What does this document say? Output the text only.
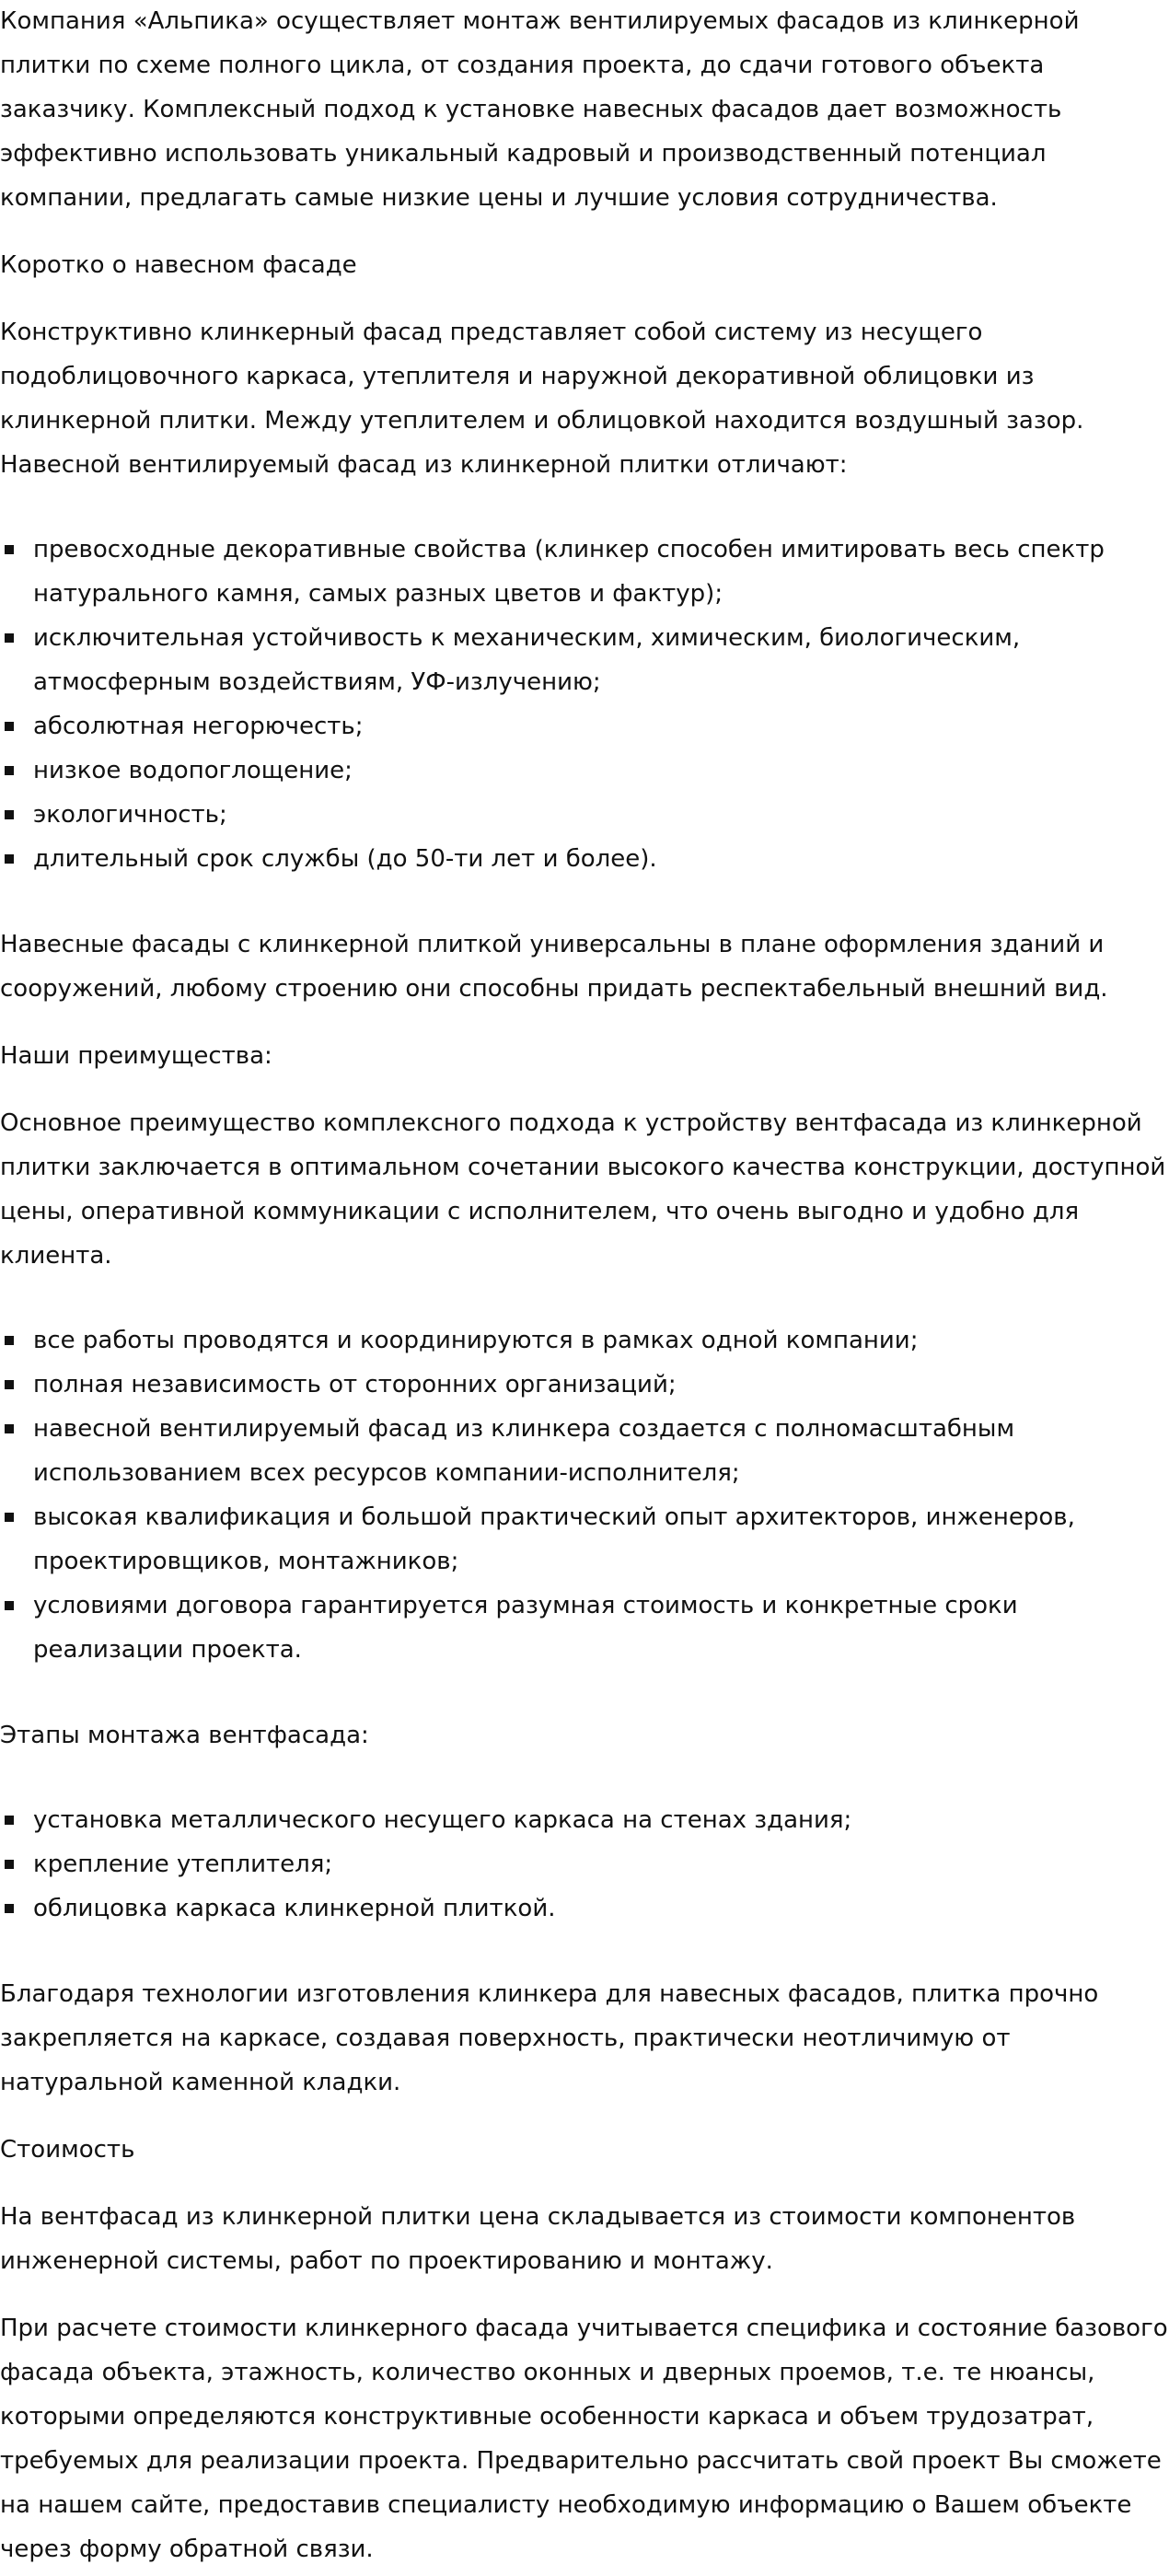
Компания «Альпика» осуществляет монтаж вентилируемых фасадов из клинкерной плитки по схеме полного цикла, от создания проекта, до сдачи готового объекта заказчику. Комплексный подход к установке навесных фасадов дает возможность эффективно использовать уникальный кадровый и производственный потенциал компании, предлагать самые низкие цены и лучшие условия сотрудничества.

Коротко о навесном фасаде

Конструктивно клинкерный фасад представляет собой систему из несущего подоблицовочного каркаса, утеплителя и наружной декоративной облицовки из клинкерной плитки. Между утеплителем и облицовкой находится воздушный зазор. Навесной вентилируемый фасад из клинкерной плитки отличают:

превосходные декоративные свойства (клинкер способен имитировать весь спектр натурального камня, самых разных цветов и фактур);
исключительная устойчивость к механическим, химическим, биологическим, атмосферным воздействиям, УФ-излучению;
абсолютная негорючесть;
низкое водопоглощение;
экологичность;
длительный срок службы (до 50-ти лет и более).

Навесные фасады с клинкерной плиткой универсальны в плане оформления зданий и сооружений, любому строению они способны придать респектабельный внешний вид.

Наши преимущества:

Основное преимущество комплексного подхода к устройству вентфасада из клинкерной плитки заключается в оптимальном сочетании высокого качества конструкции, доступной цены, оперативной коммуникации с исполнителем, что очень выгодно и удобно для клиента.

все работы проводятся и координируются в рамках одной компании;
полная независимость от сторонних организаций;
навесной вентилируемый фасад из клинкера создается с полномасштабным использованием всех ресурсов компании-исполнителя;
высокая квалификация и большой практический опыт архитекторов, инженеров, проектировщиков, монтажников;
условиями договора гарантируется разумная стоимость и конкретные сроки реализации проекта.

Этапы монтажа вентфасада:

установка металлического несущего каркаса на стенах здания;
крепление утеплителя;
облицовка каркаса клинкерной плиткой.

Благодаря технологии изготовления клинкера для навесных фасадов, плитка прочно закрепляется на каркасе, создавая поверхность, практически неотличимую от натуральной каменной кладки.

Стоимость

На вентфасад из клинкерной плитки цена складывается из стоимости компонентов инженерной системы, работ по проектированию и монтажу.

При расчете стоимости клинкерного фасада учитывается специфика и состояние базового фасада объекта, этажность, количество оконных и дверных проемов, т.е. те нюансы, которыми определяются конструктивные особенности каркаса и объем трудозатрат, требуемых для реализации проекта. Предварительно рассчитать свой проект Вы сможете на нашем сайте, предоставив специалисту необходимую информацию о Вашем объекте через форму обратной связи.
